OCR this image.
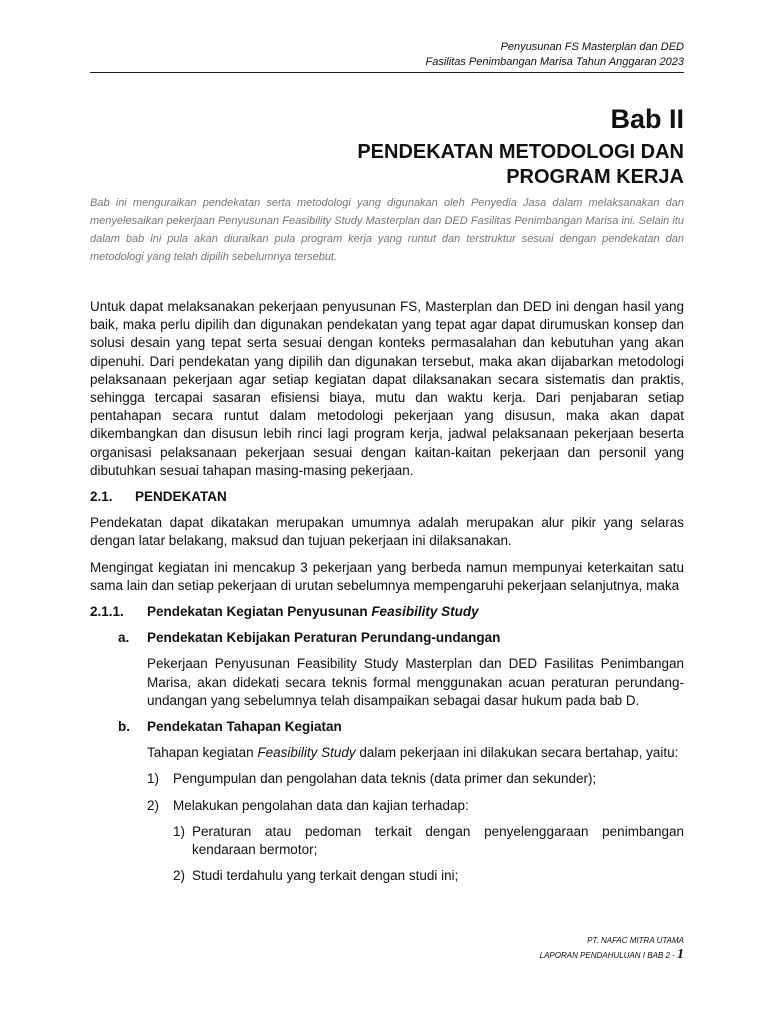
Penyusunan FS Masterplan dan DED
Fasilitas Penimbangan Marisa Tahun Anggaran 2023
Bab II
PENDEKATAN METODOLOGI DAN
PROGRAM KERJA
Bab ini menguraikan pendekatan serta metodologi yang digunakan oleh Penyedia Jasa dalam melaksanakan dan menyelesaikan pekerjaan Penyusunan Feasibility Study Masterplan dan DED Fasilitas Penimbangan Marisa ini. Selain itu dalam bab ini pula akan diuraikan pula program kerja yang runtut dan terstruktur sesuai dengan pendekatan dan metodologi yang telah dipilih sebelumnya tersebut.

Untuk dapat melaksanakan pekerjaan penyusunan FS, Masterplan dan DED ini dengan hasil yang baik, maka perlu dipilih dan digunakan pendekatan yang tepat agar dapat dirumuskan konsep dan solusi desain yang tepat serta sesuai dengan konteks permasalahan dan kebutuhan yang akan dipenuhi. Dari pendekatan yang dipilih dan digunakan tersebut, maka akan dijabarkan metodologi pelaksanaan pekerjaan agar setiap kegiatan dapat dilaksanakan secara sistematis dan praktis, sehingga tercapai sasaran efisiensi biaya, mutu dan waktu kerja. Dari penjabaran setiap pentahapan secara runtut dalam metodologi pekerjaan yang disusun, maka akan dapat dikembangkan dan disusun lebih rinci lagi program kerja, jadwal pelaksanaan pekerjaan beserta organisasi pelaksanaan pekerjaan sesuai dengan kaitan-kaitan pekerjaan dan personil yang dibutuhkan sesuai tahapan masing-masing pekerjaan.

2.1.	PENDEKATAN

Pendekatan dapat dikatakan merupakan umumnya adalah merupakan alur pikir yang selaras dengan latar belakang, maksud dan tujuan pekerjaan ini dilaksanakan.

Mengingat kegiatan ini mencakup 3 pekerjaan yang berbeda namun mempunyai keterkaitan satu sama lain dan setiap pekerjaan di urutan sebelumnya mempengaruhi pekerjaan selanjutnya, maka

2.1.1.	Pendekatan Kegiatan Penyusunan Feasibility Study
a.	Pendekatan Kebijakan Peraturan Perundang-undangan

Pekerjaan Penyusunan Feasibility Study Masterplan dan DED Fasilitas Penimbangan Marisa, akan didekati secara teknis formal menggunakan acuan peraturan perundang-undangan yang sebelumnya telah disampaikan sebagai dasar hukum pada bab D.

b.	Pendekatan Tahapan Kegiatan

Tahapan kegiatan Feasibility Study dalam pekerjaan ini dilakukan secara bertahap, yaitu:

1)	Pengumpulan dan pengolahan data teknis (data primer dan sekunder);
2)	Melakukan pengolahan data dan kajian terhadap:
1) Peraturan atau pedoman terkait dengan penyelenggaraan penimbangan kendaraan bermotor;
2) Studi terdahulu yang terkait dengan studi ini;
PT. NAFAC MITRA UTAMA
LAPORAN PENDAHULUAN I BAB 2 - 1
